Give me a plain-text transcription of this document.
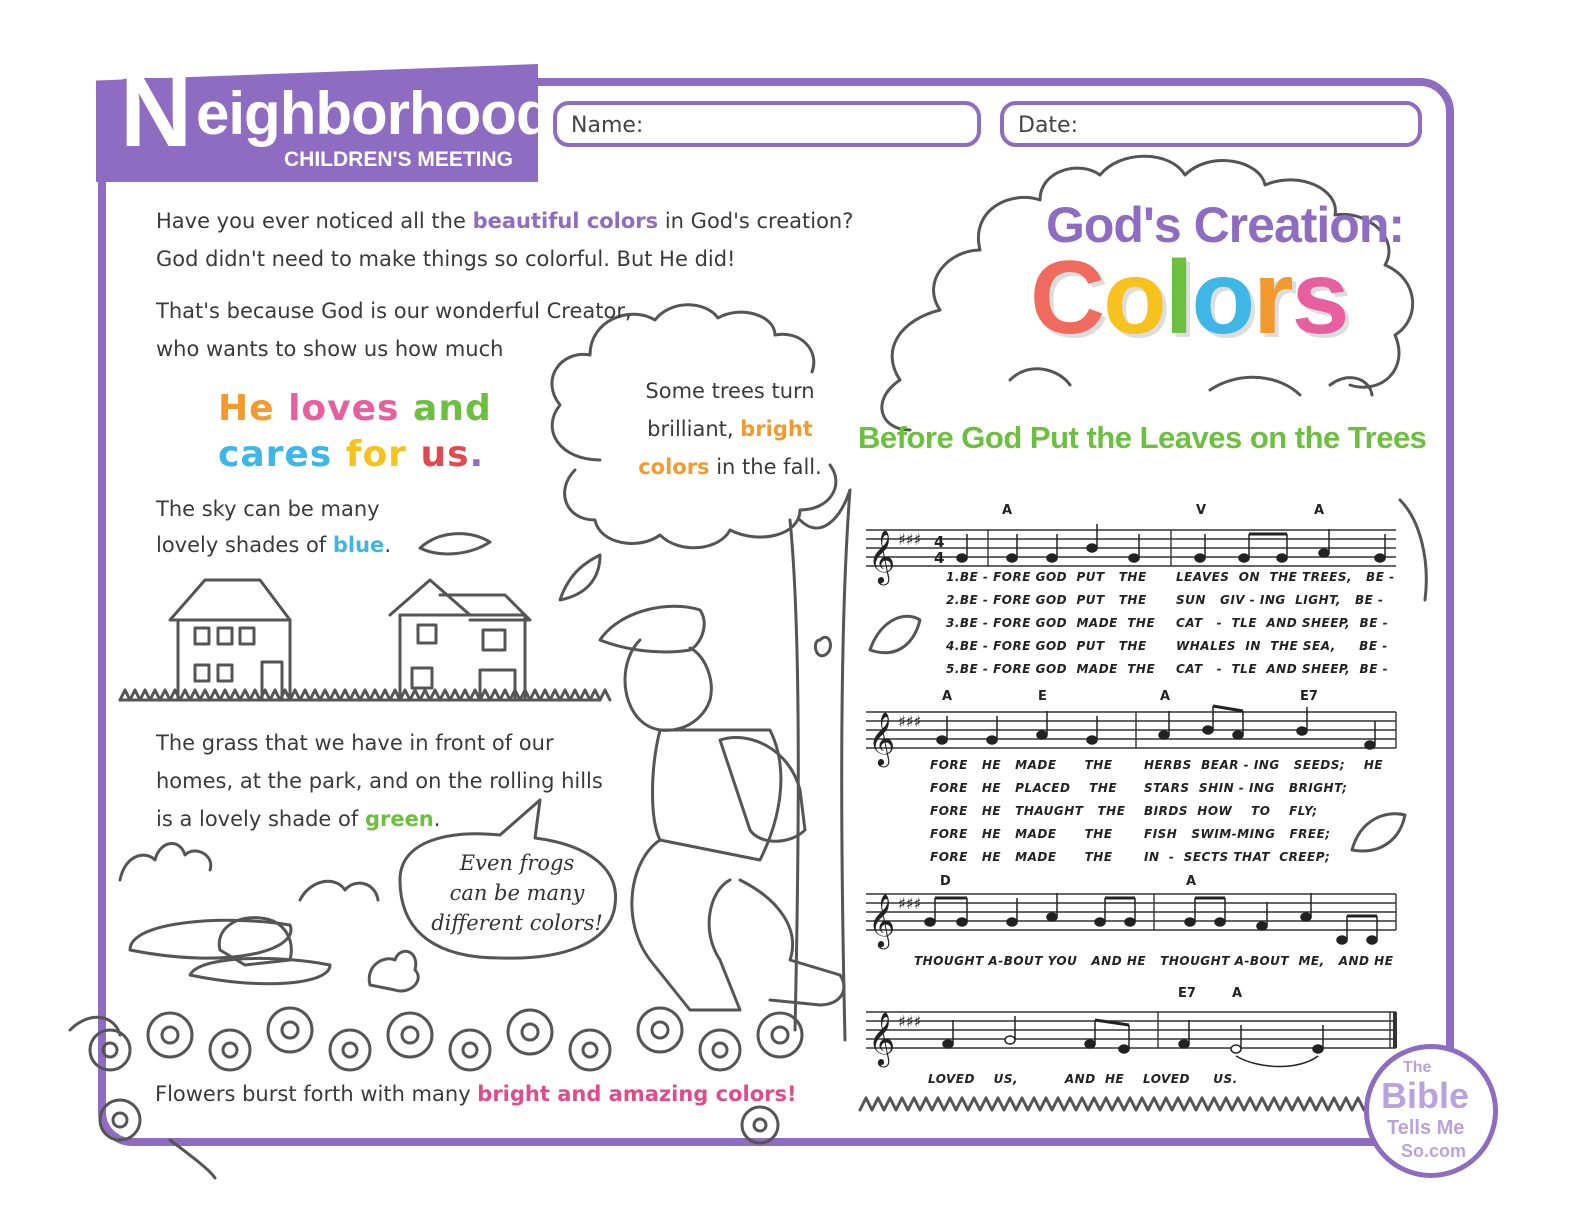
N eighborhood
CHILDREN'S MEETING
Name:	Date:
𝄞
𝄞
𝄞
𝄞
♯♯♯
♯♯♯
♯♯♯
♯♯♯
4
4
Have you ever noticed all the beautiful colors in God's creation?
God didn't need to make things so colorful. But He did!
That's because God is our wonderful Creator,
who wants to show us how much
He loves and
cares for us.
The sky can be many
lovely shades of blue.
Some trees turn
brilliant, bright
colors in the fall.
The grass that we have in front of our
homes, at the park, and on the rolling hills
is a lovely shade of green.
Even frogs
can be many
different colors!
Flowers burst forth with many bright and amazing colors!
God's Creation:
Colors
Before God Put the Leaves on the Trees
A	V	A
A	E	A	E7
D	A
E7	A
1.BE - FORE GOD  PUT   THE
2.BE - FORE GOD  PUT   THE
3.BE - FORE GOD  MADE  THE
4.BE - FORE GOD  PUT   THE
5.BE - FORE GOD  MADE  THE
LEAVES  ON  THE TREES,   BE -
SUN   GIV - ING  LIGHT,   BE -
CAT   -  TLE  AND SHEEP,  BE -
WHALES  IN  THE SEA,     BE -
CAT   -  TLE  AND SHEEP,  BE -
FORE   HE   MADE      THE
FORE   HE   PLACED    THE
FORE   HE   THAUGHT   THE
FORE   HE   MADE      THE
FORE   HE   MADE      THE
HERBS  BEAR - ING   SEEDS;    HE
STARS  SHIN - ING   BRIGHT;
BIRDS  HOW    TO    FLY;
FISH   SWIM-MING   FREE;
IN  -  SECTS THAT  CREEP;
THOUGHT A-BOUT YOU   AND HE   THOUGHT A-BOUT  ME,   AND HE
LOVED    US,          AND  HE    LOVED     US.
The
Bible
Tells Me
So.com
